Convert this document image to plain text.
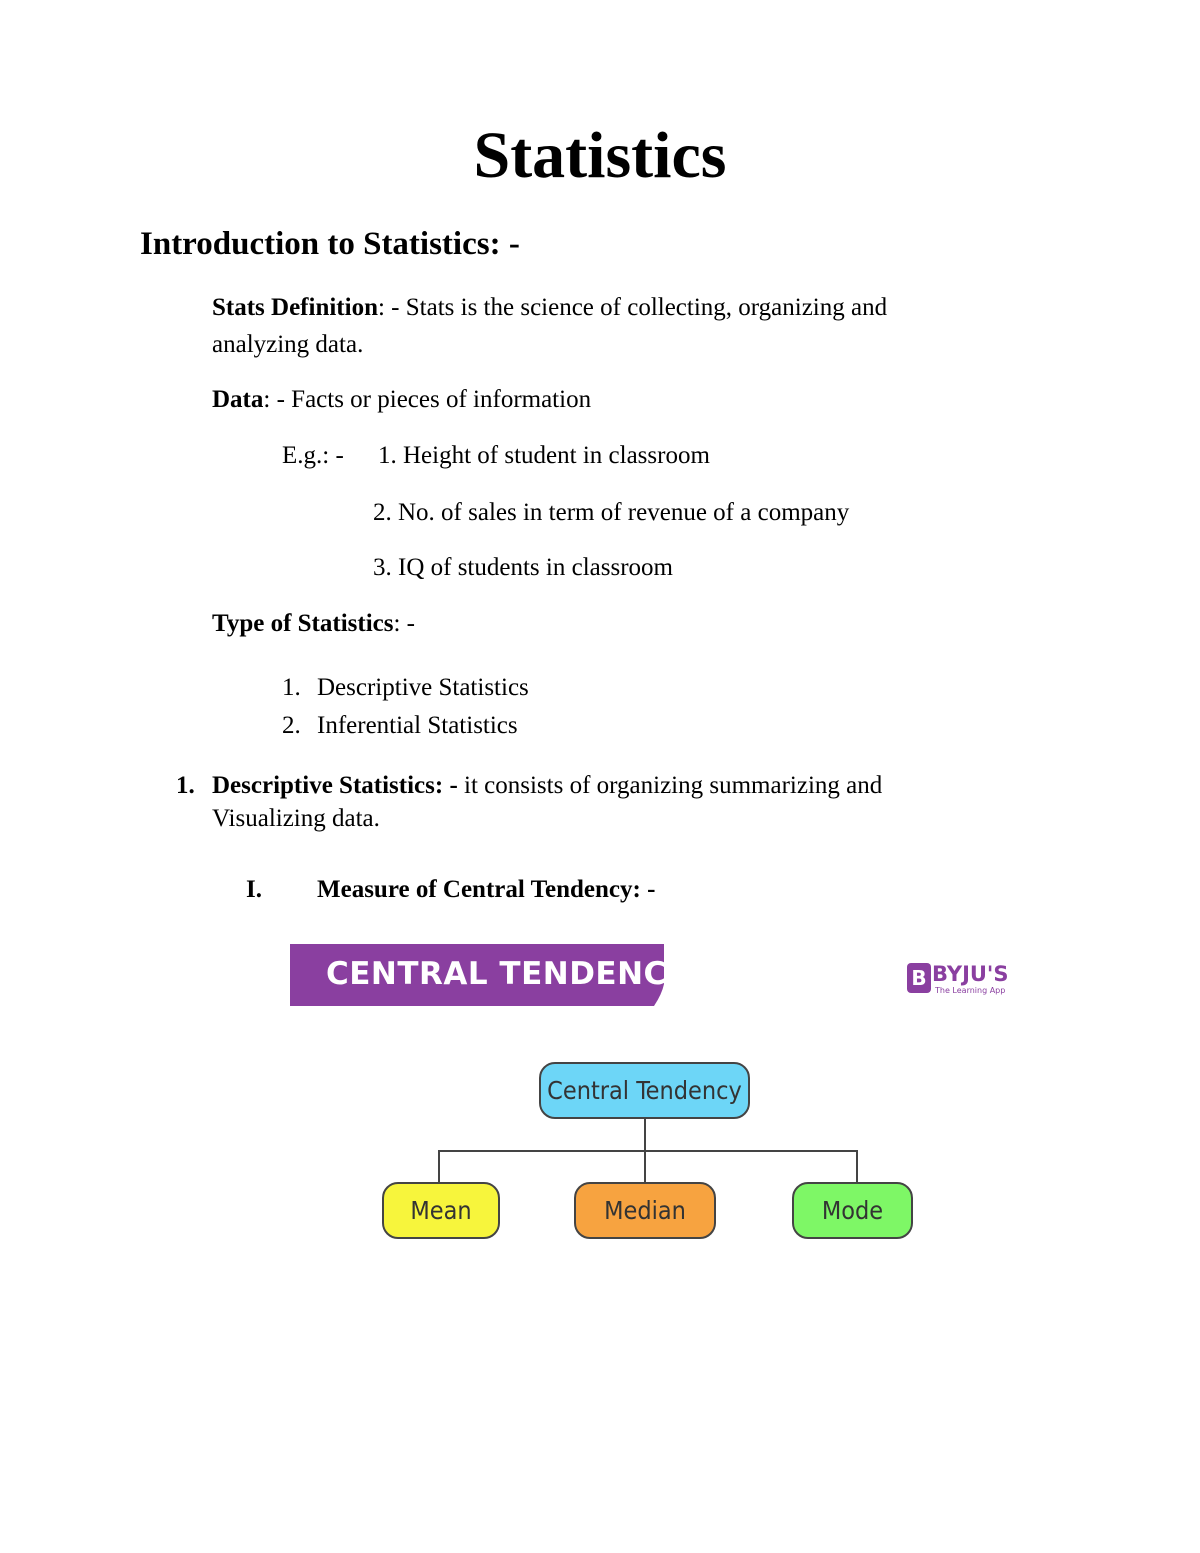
Statistics
Introduction to Statistics: -
Stats Definition: - Stats is the science of collecting, organizing and
analyzing data.
Data: - Facts or pieces of information
E.g.: - 1. Height of student in classroom
2. No. of sales in term of revenue of a company
3. IQ of students in classroom
Type of Statistics: -
1. Descriptive Statistics
2. Inferential Statistics
1. Descriptive Statistics: - it consists of organizing summarizing and
Visualizing data.
I. Measure of Central Tendency: -
CENTRAL TENDENCY	B BYJU'S
The Learning App
Central Tendency
Mean	Median	Mode
